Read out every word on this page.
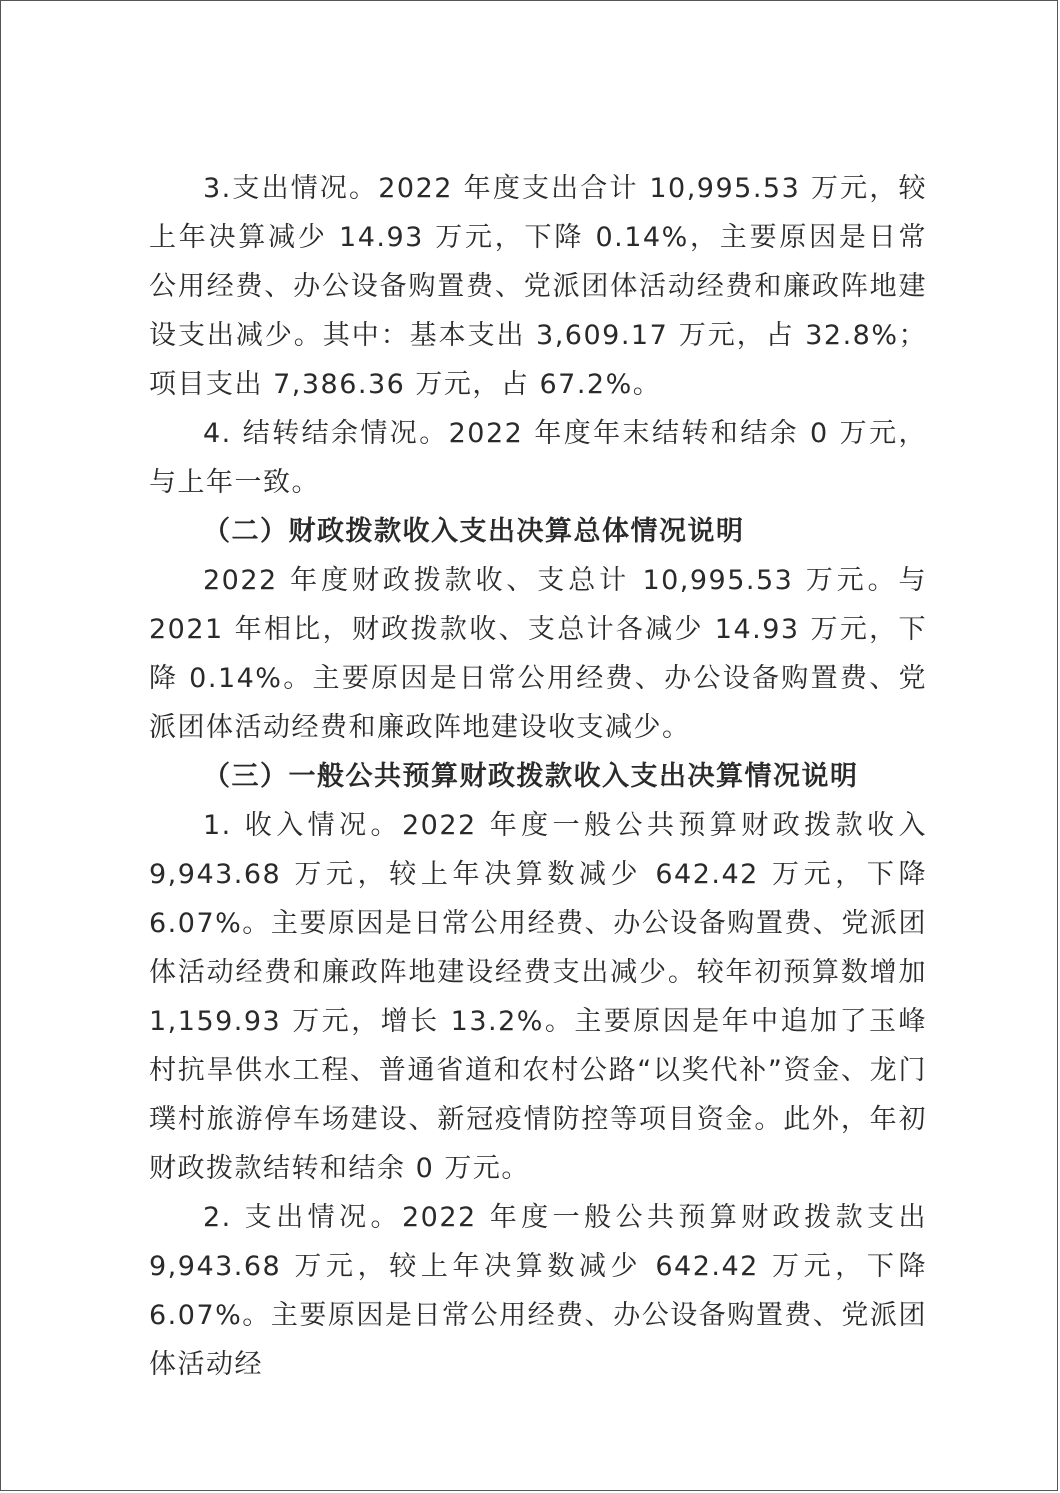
3.支出情况。2022 年度支出合计 10,995.53 万元，较上年决算减少 14.93 万元，下降 0.14%，主要原因是日常公用经费、办公设备购置费、党派团体活动经费和廉政阵地建设支出减少。其中：基本支出 3,609.17 万元，占 32.8%；项目支出 7,386.36 万元，占 67.2%。

4. 结转结余情况。2022 年度年末结转和结余 0 万元，与上年一致。

（二）财政拨款收入支出决算总体情况说明

2022 年度财政拨款收、支总计 10,995.53 万元。与 2021 年相比，财政拨款收、支总计各减少 14.93 万元，下降 0.14%。主要原因是日常公用经费、办公设备购置费、党派团体活动经费和廉政阵地建设收支减少。

（三）一般公共预算财政拨款收入支出决算情况说明

1. 收入情况。2022 年度一般公共预算财政拨款收入 9,943.68 万元，较上年决算数减少 642.42 万元，下降 6.07%。主要原因是日常公用经费、办公设备购置费、党派团体活动经费和廉政阵地建设经费支出减少。较年初预算数增加 1,159.93 万元，增长 13.2%。主要原因是年中追加了玉峰村抗旱供水工程、普通省道和农村公路“以奖代补”资金、龙门璞村旅游停车场建设、新冠疫情防控等项目资金。此外，年初财政拨款结转和结余 0 万元。

2. 支出情况。2022 年度一般公共预算财政拨款支出 9,943.68 万元，较上年决算数减少 642.42 万元，下降 6.07%。主要原因是日常公用经费、办公设备购置费、党派团体活动经
